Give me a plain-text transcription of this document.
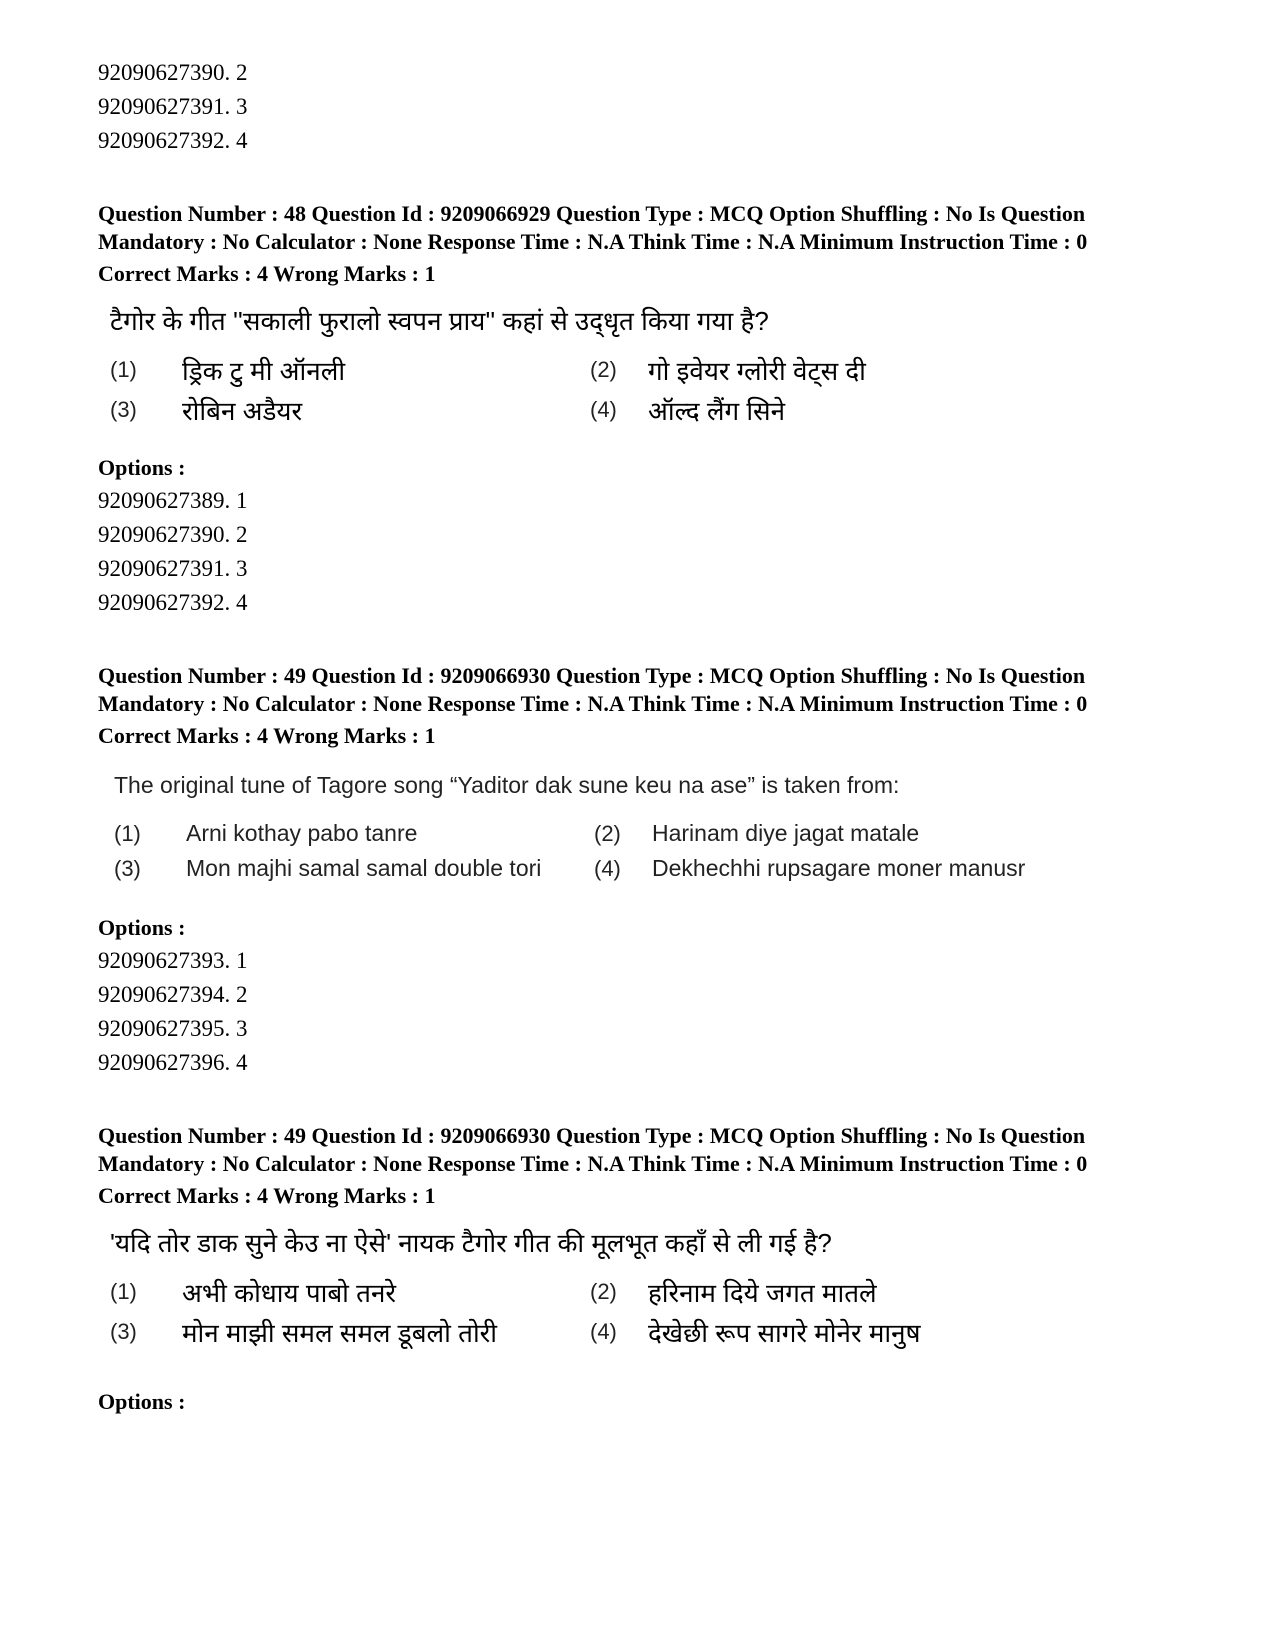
92090627390. 2
92090627391. 3
92090627392. 4
Question Number : 48 Question Id : 9209066929 Question Type : MCQ Option Shuffling : No Is Question Mandatory : No Calculator : None Response Time : N.A Think Time : N.A Minimum Instruction Time : 0
Correct Marks : 4 Wrong Marks : 1
टैगोर के गीत ''सकाली फुरालो स्वपन प्राय'' कहां से उद्‌धृत किया गया है?
(1)	ड्रिक टु मी ऑनली	(2)	गो इवेयर ग्लोरी वेट्स दी
(3)	रोबिन अडैयर	(4)	ऑल्द लैंग सिने
Options :
92090627389. 1
92090627390. 2
92090627391. 3
92090627392. 4
Question Number : 49 Question Id : 9209066930 Question Type : MCQ Option Shuffling : No Is Question Mandatory : No Calculator : None Response Time : N.A Think Time : N.A Minimum Instruction Time : 0
Correct Marks : 4 Wrong Marks : 1
The original tune of Tagore song “Yaditor dak sune keu na ase” is taken from:
(1)	Arni kothay pabo tanre	(2)	Harinam diye jagat matale
(3)	Mon majhi samal samal double tori	(4)	Dekhechhi rupsagare moner manusr
Options :
92090627393. 1
92090627394. 2
92090627395. 3
92090627396. 4
Question Number : 49 Question Id : 9209066930 Question Type : MCQ Option Shuffling : No Is Question Mandatory : No Calculator : None Response Time : N.A Think Time : N.A Minimum Instruction Time : 0
Correct Marks : 4 Wrong Marks : 1
'यदि तोर डाक सुने केउ ना ऐसे' नायक टैगोर गीत की मूलभूत कहाँ से ली गई है?
(1)	अभी कोधाय पाबो तनरे	(2)	हरिनाम दिये जगत मातले
(3)	मोन माझी समल समल डूबलो तोरी	(4)	देखेछी रूप सागरे मोनेर मानुष
Options :
